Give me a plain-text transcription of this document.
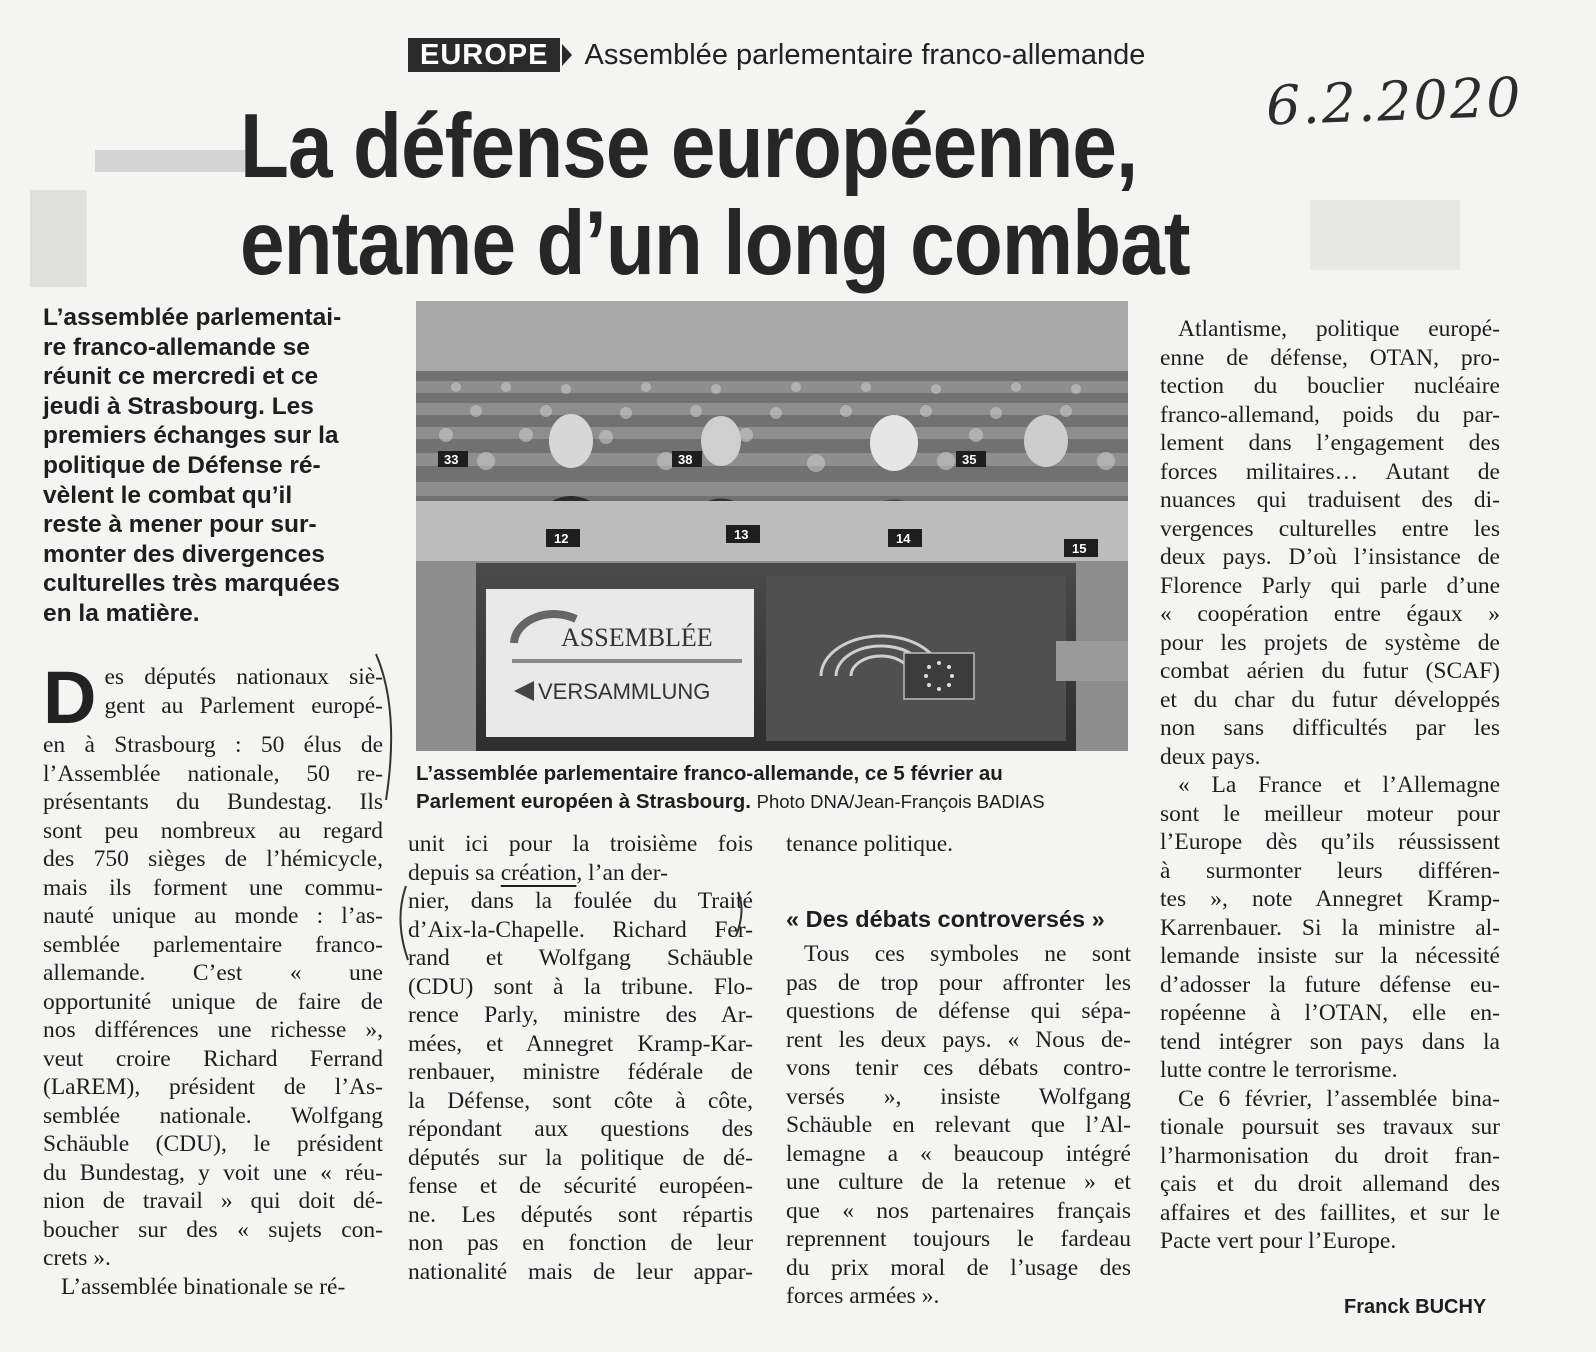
█
EUROPE	Assemblée parlementaire franco-allemande
6.2.2020
La défense européenne,
entame d’un long combat
L’assemblée parlementai-
re franco-allemande se
réunit ce mercredi et ce
jeudi à Strasbourg. Les
premiers échanges sur la
politique de Défense ré-
vèlent le combat qu’il
reste à mener pour sur-
monter des divergences
culturelles très marquées
en la matière.
33	38
12	13	14
15
35
ASSEMBLÉE
VERSAMMLUNG
L’assemblée parlementaire franco-allemande, ce 5 février au
Parlement européen à Strasbourg. Photo DNA/Jean-François BADIAS
D es députés nationaux siè-
gent au Parlement europé-
en à Strasbourg : 50 élus de
l’Assemblée nationale, 50 re-
présentants du Bundestag. Ils
sont peu nombreux au regard
des 750 sièges de l’hémicycle,
mais ils forment une commu-
nauté unique au monde : l’as-
semblée parlementaire franco-
allemande. C’est « une
opportunité unique de faire de
nos différences une richesse »,
veut croire Richard Ferrand
(LaREM), président de l’As-
semblée nationale. Wolfgang
Schäuble (CDU), le président
du Bundestag, y voit une « réu-
nion de travail » qui doit dé-
boucher sur des « sujets con-
crets ».
L’assemblée binationale se ré-
unit ici pour la troisième fois
depuis sa création, l’an der-
nier, dans la foulée du Traité
d’Aix-la-Chapelle. Richard Fer-
rand et Wolfgang Schäuble
(CDU) sont à la tribune. Flo-
rence Parly, ministre des Ar-
mées, et Annegret Kramp-Kar-
renbauer, ministre fédérale de
la Défense, sont côte à côte,
répondant aux questions des
députés sur la politique de dé-
fense et de sécurité européen-
ne. Les députés sont répartis
non pas en fonction de leur
nationalité mais de leur appar-
tenance politique.
« Des débats controversés »
Tous ces symboles ne sont
pas de trop pour affronter les
questions de défense qui sépa-
rent les deux pays. « Nous de-
vons tenir ces débats contro-
versés », insiste Wolfgang
Schäuble en relevant que l’Al-
lemagne a « beaucoup intégré
une culture de la retenue » et
que « nos partenaires français
reprennent toujours le fardeau
du prix moral de l’usage des
forces armées ».
Atlantisme, politique europé-
enne de défense, OTAN, pro-
tection du bouclier nucléaire
franco-allemand, poids du par-
lement dans l’engagement des
forces militaires… Autant de
nuances qui traduisent des di-
vergences culturelles entre les
deux pays. D’où l’insistance de
Florence Parly qui parle d’une
« coopération entre égaux »
pour les projets de système de
combat aérien du futur (SCAF)
et du char du futur développés
non sans difficultés par les
deux pays.
« La France et l’Allemagne
sont le meilleur moteur pour
l’Europe dès qu’ils réussissent
à surmonter leurs différen-
tes », note Annegret Kramp-
Karrenbauer. Si la ministre al-
lemande insiste sur la nécessité
d’adosser la future défense eu-
ropéenne à l’OTAN, elle en-
tend intégrer son pays dans la
lutte contre le terrorisme.
Ce 6 février, l’assemblée bina-
tionale poursuit ses travaux sur
l’harmonisation du droit fran-
çais et du droit allemand des
affaires et des faillites, et sur le
Pacte vert pour l’Europe.
Franck BUCHY
